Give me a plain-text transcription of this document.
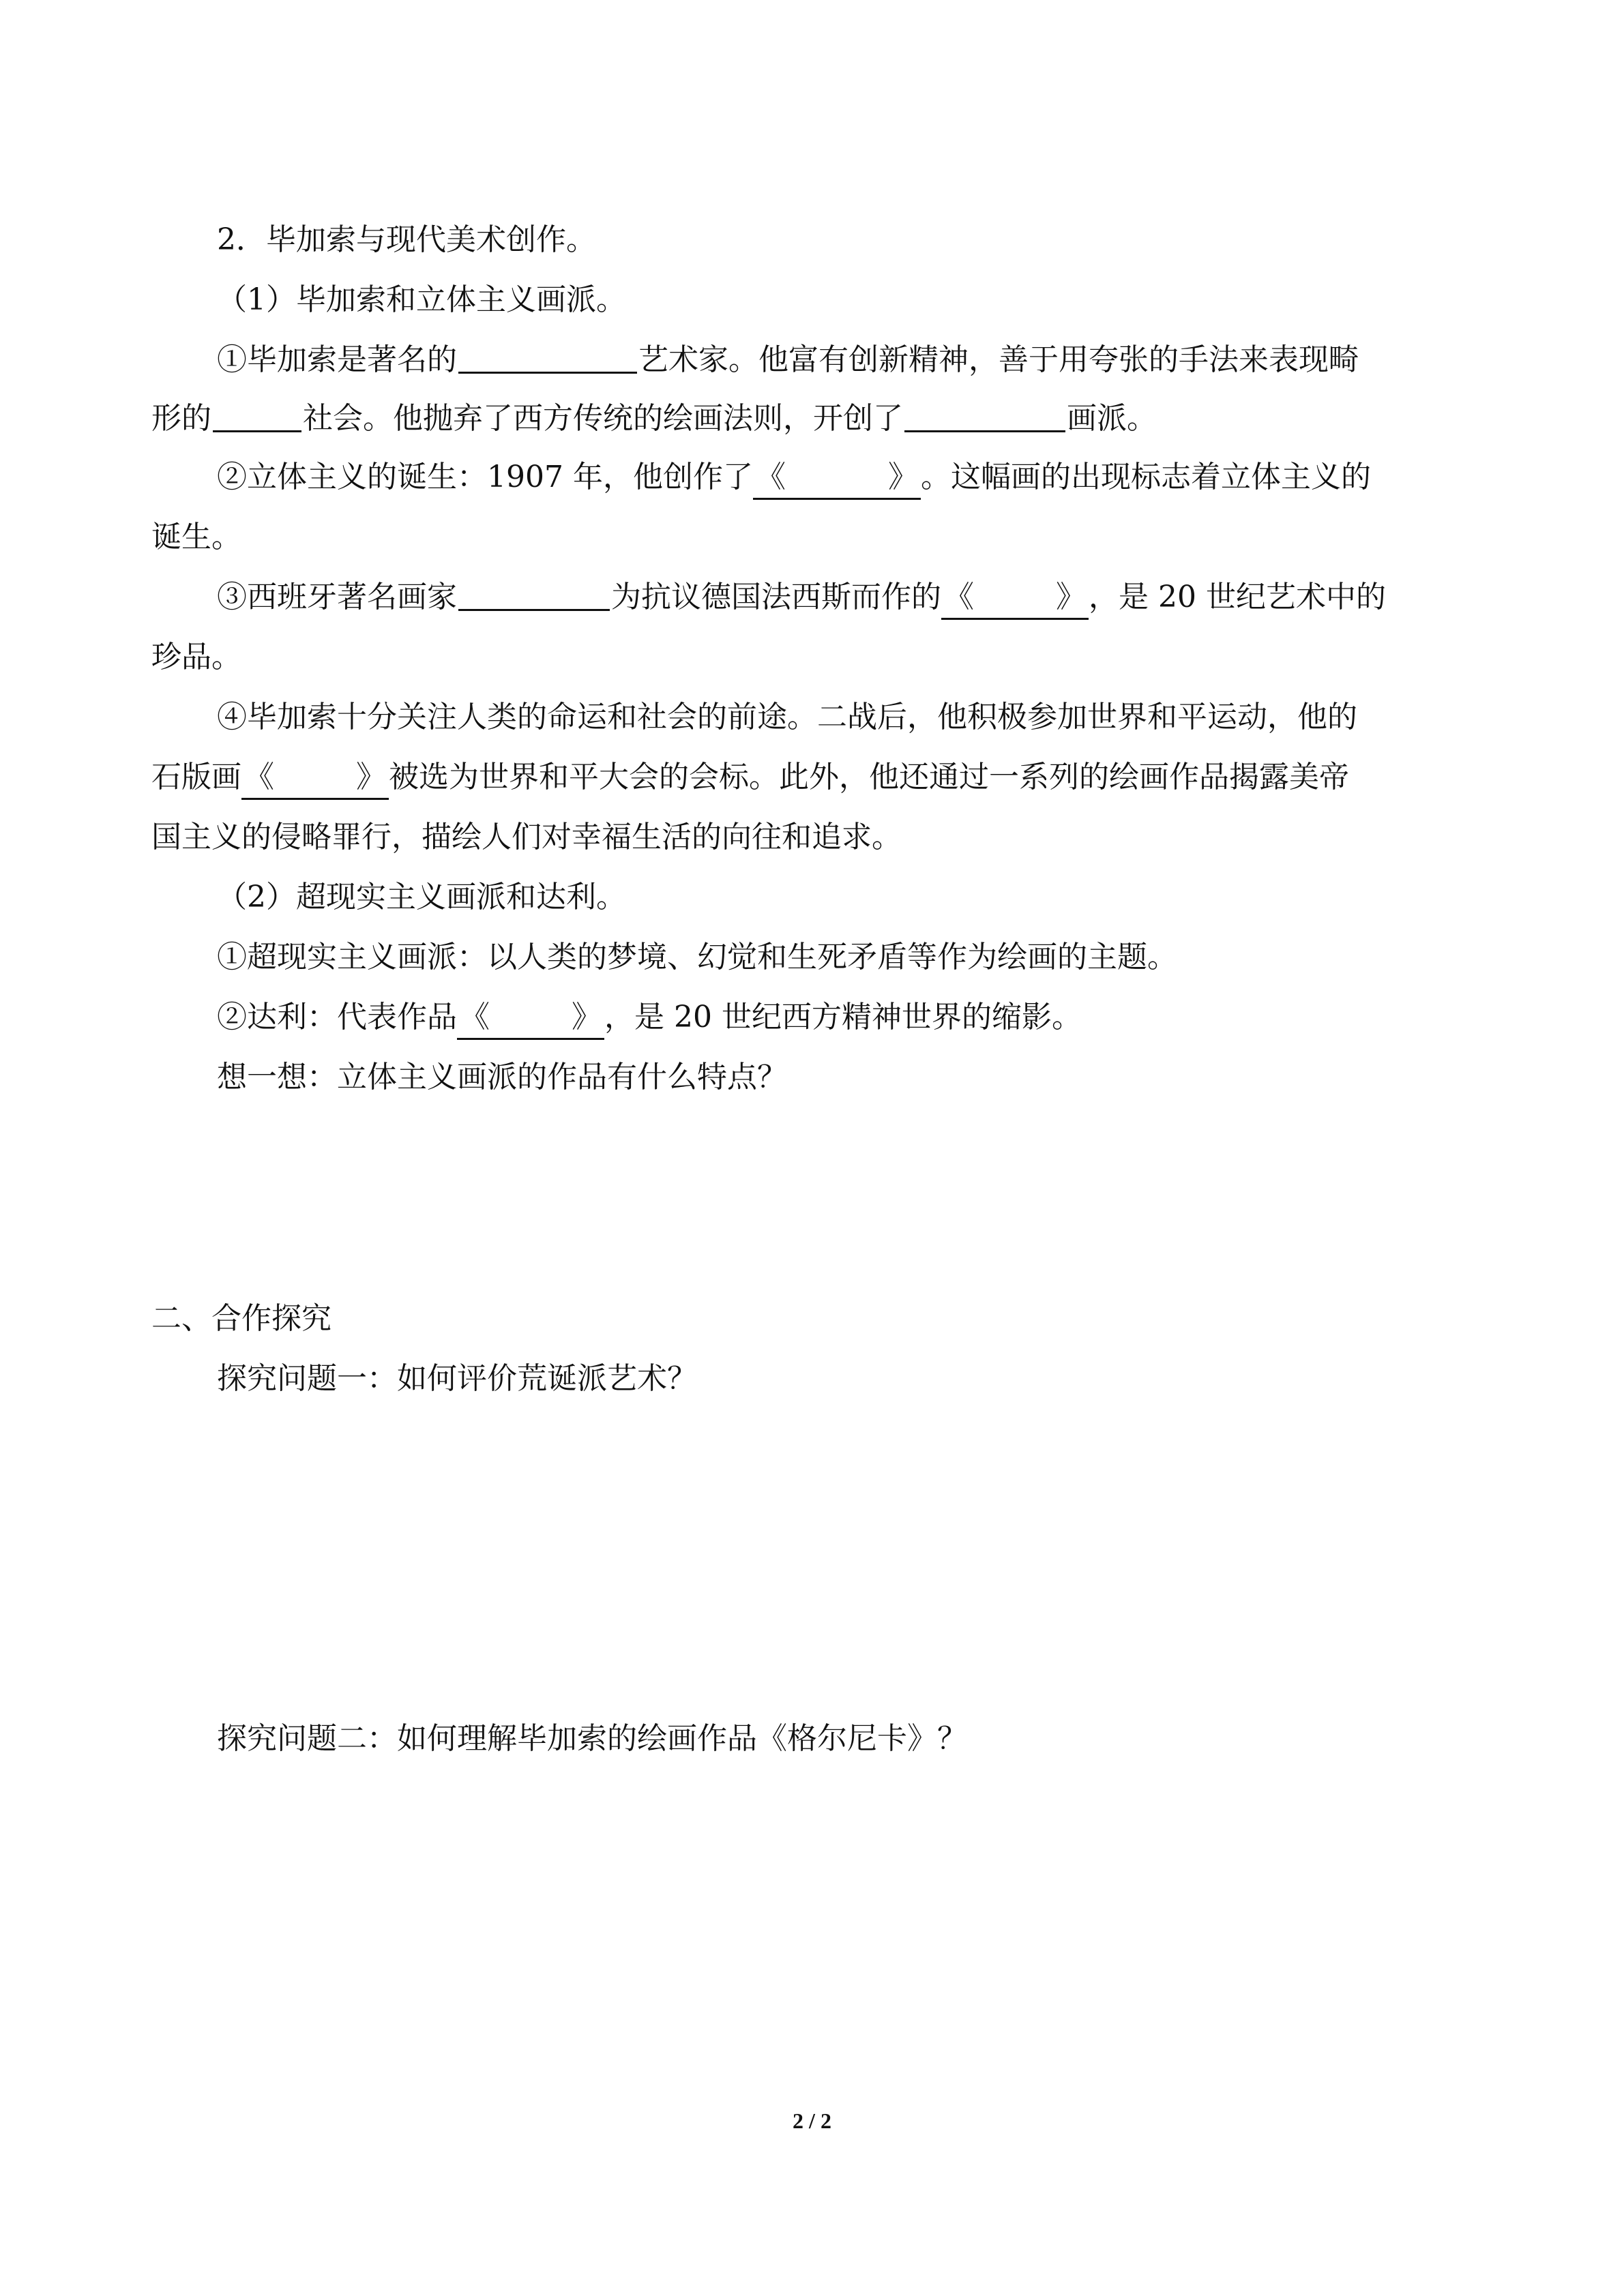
2．毕加索与现代美术创作。
（1）毕加索和立体主义画派。
①毕加索是著名的	艺术家。他富有创新精神，善于用夸张的手法来表现畸
形的	社会。他抛弃了西方传统的绘画法则，开创了	画派。
②立体主义的诞生：1907 年，他创作了《	》。这幅画的出现标志着立体主义的
诞生。
③西班牙著名画家	为抗议德国法西斯而作的《	》，是 20 世纪艺术中的
珍品。
④毕加索十分关注人类的命运和社会的前途。二战后，他积极参加世界和平运动，他的
石版画《	》被选为世界和平大会的会标。此外，他还通过一系列的绘画作品揭露美帝
国主义的侵略罪行，描绘人们对幸福生活的向往和追求。
（2）超现实主义画派和达利。
①超现实主义画派：以人类的梦境、幻觉和生死矛盾等作为绘画的主题。
②达利：代表作品《	》，是 20 世纪西方精神世界的缩影。
想一想：立体主义画派的作品有什么特点？
二、合作探究
探究问题一：如何评价荒诞派艺术？
探究问题二：如何理解毕加索的绘画作品《格尔尼卡》？
2 / 2
